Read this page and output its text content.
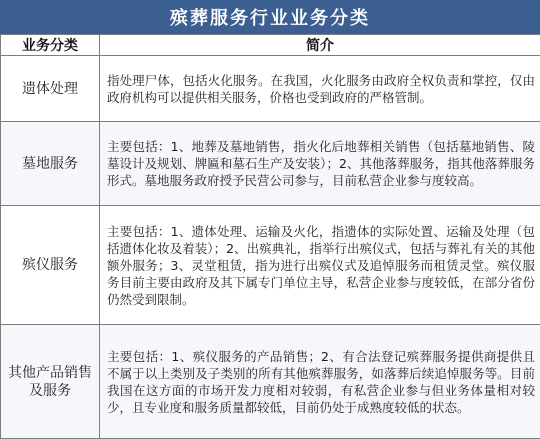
殡葬服务行业业务分类
业务分类	简介
遗体处理	指处理尸体，包括火化服务。在我国，火化服务由政府全权负责和掌控，仅由政府机构可以提供相关服务，价格也受到政府的严格管制。
墓地服务	主要包括：1、地葬及墓地销售，指火化后地葬相关销售（包括墓地销售、陵墓设计及规划、牌匾和墓石生产及安装）；2、其他落葬服务，指其他落葬服务形式。墓地服务政府授予民营公司参与，目前私营企业参与度较高。
殡仪服务	主要包括：1、遗体处理、运输及火化，指遗体的实际处置、运输及处理（包括遗体化妆及着装）；2、出殡典礼，指举行出殡仪式，包括与葬礼有关的其他额外服务；3、灵堂租赁，指为进行出殡仪式及追悼服务而租赁灵堂。殡仪服务目前主要由政府及其下属专门单位主导，私营企业参与度较低，在部分省份仍然受到限制。
其他产品销售及服务	主要包括：1、殡仪服务的产品销售；2、有合法登记殡葬服务提供商提供且不属于以上类别及子类别的所有其他殡葬服务，如落葬后续追悼服务等。目前我国在这方面的市场开发力度相对较弱，有私营企业参与但业务体量相对较少，且专业度和服务质量都较低，目前仍处于成熟度较低的状态。
